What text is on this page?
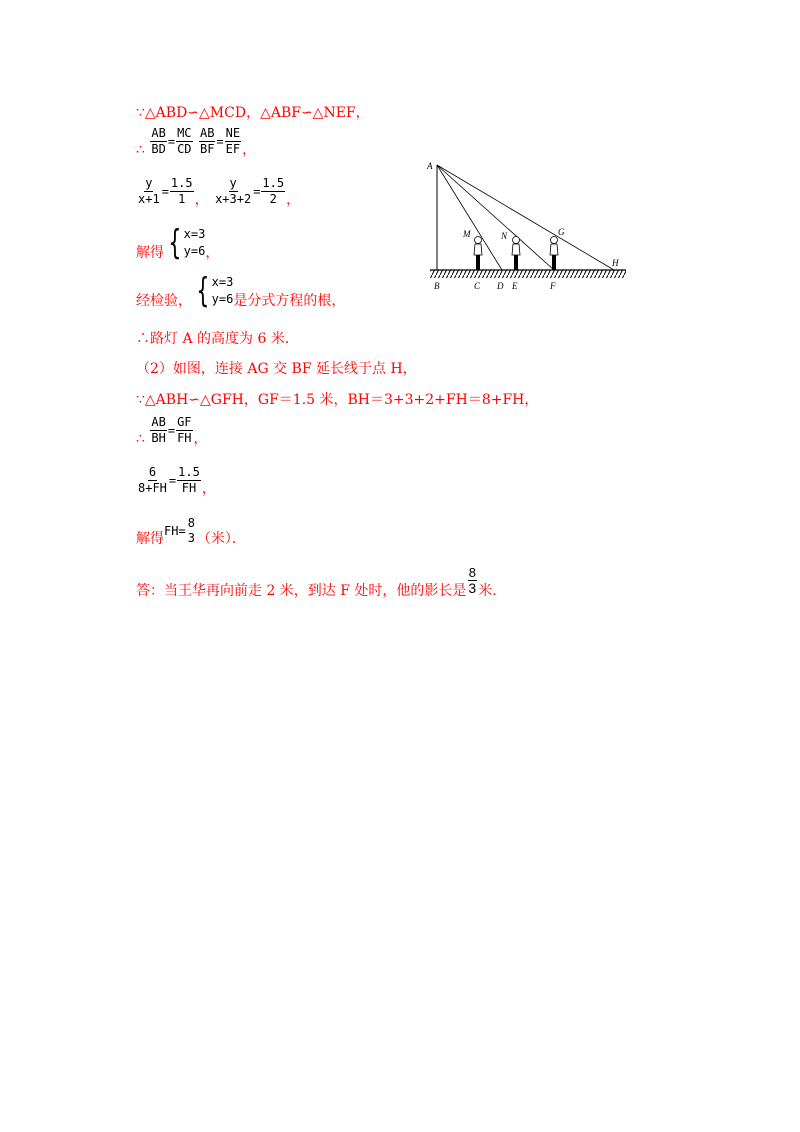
∵△ABD∽△MCD，△ABF∽△NEF，
∴ $\frac{AB}{BD} = \frac{MC}{CD}$
$\frac{AB}{BF} = \frac{NE}{EF}$ ，
$\frac{y}{x+1} = \frac{1.5}{1}$ ， $\frac{y}{x+3+2} = \frac{1.5}{2}$ ，
解得 { x=3
y=6 ，
经检验， { x=3
y=6 是分式方程的根，
∴路灯 A 的高度为 6 米．
（2）如图，连接 AG 交 BF 延长线于点 H，
∵△ABH∽△GFH，GF＝1.5 米，BH＝3+3+2+FH＝8+FH，
∴ $\frac{AB}{BH} = \frac{GF}{FH}$ ，
$\frac{6}{8+FH} = \frac{1.5}{FH}$ ，
解得FH=
8
3 （米）．
答：当王华再向前走 2 米，到达 F 处时，他的影长是 $\frac{8}{3}$ 米．
A
B	C D E	F
M	N	G
H
